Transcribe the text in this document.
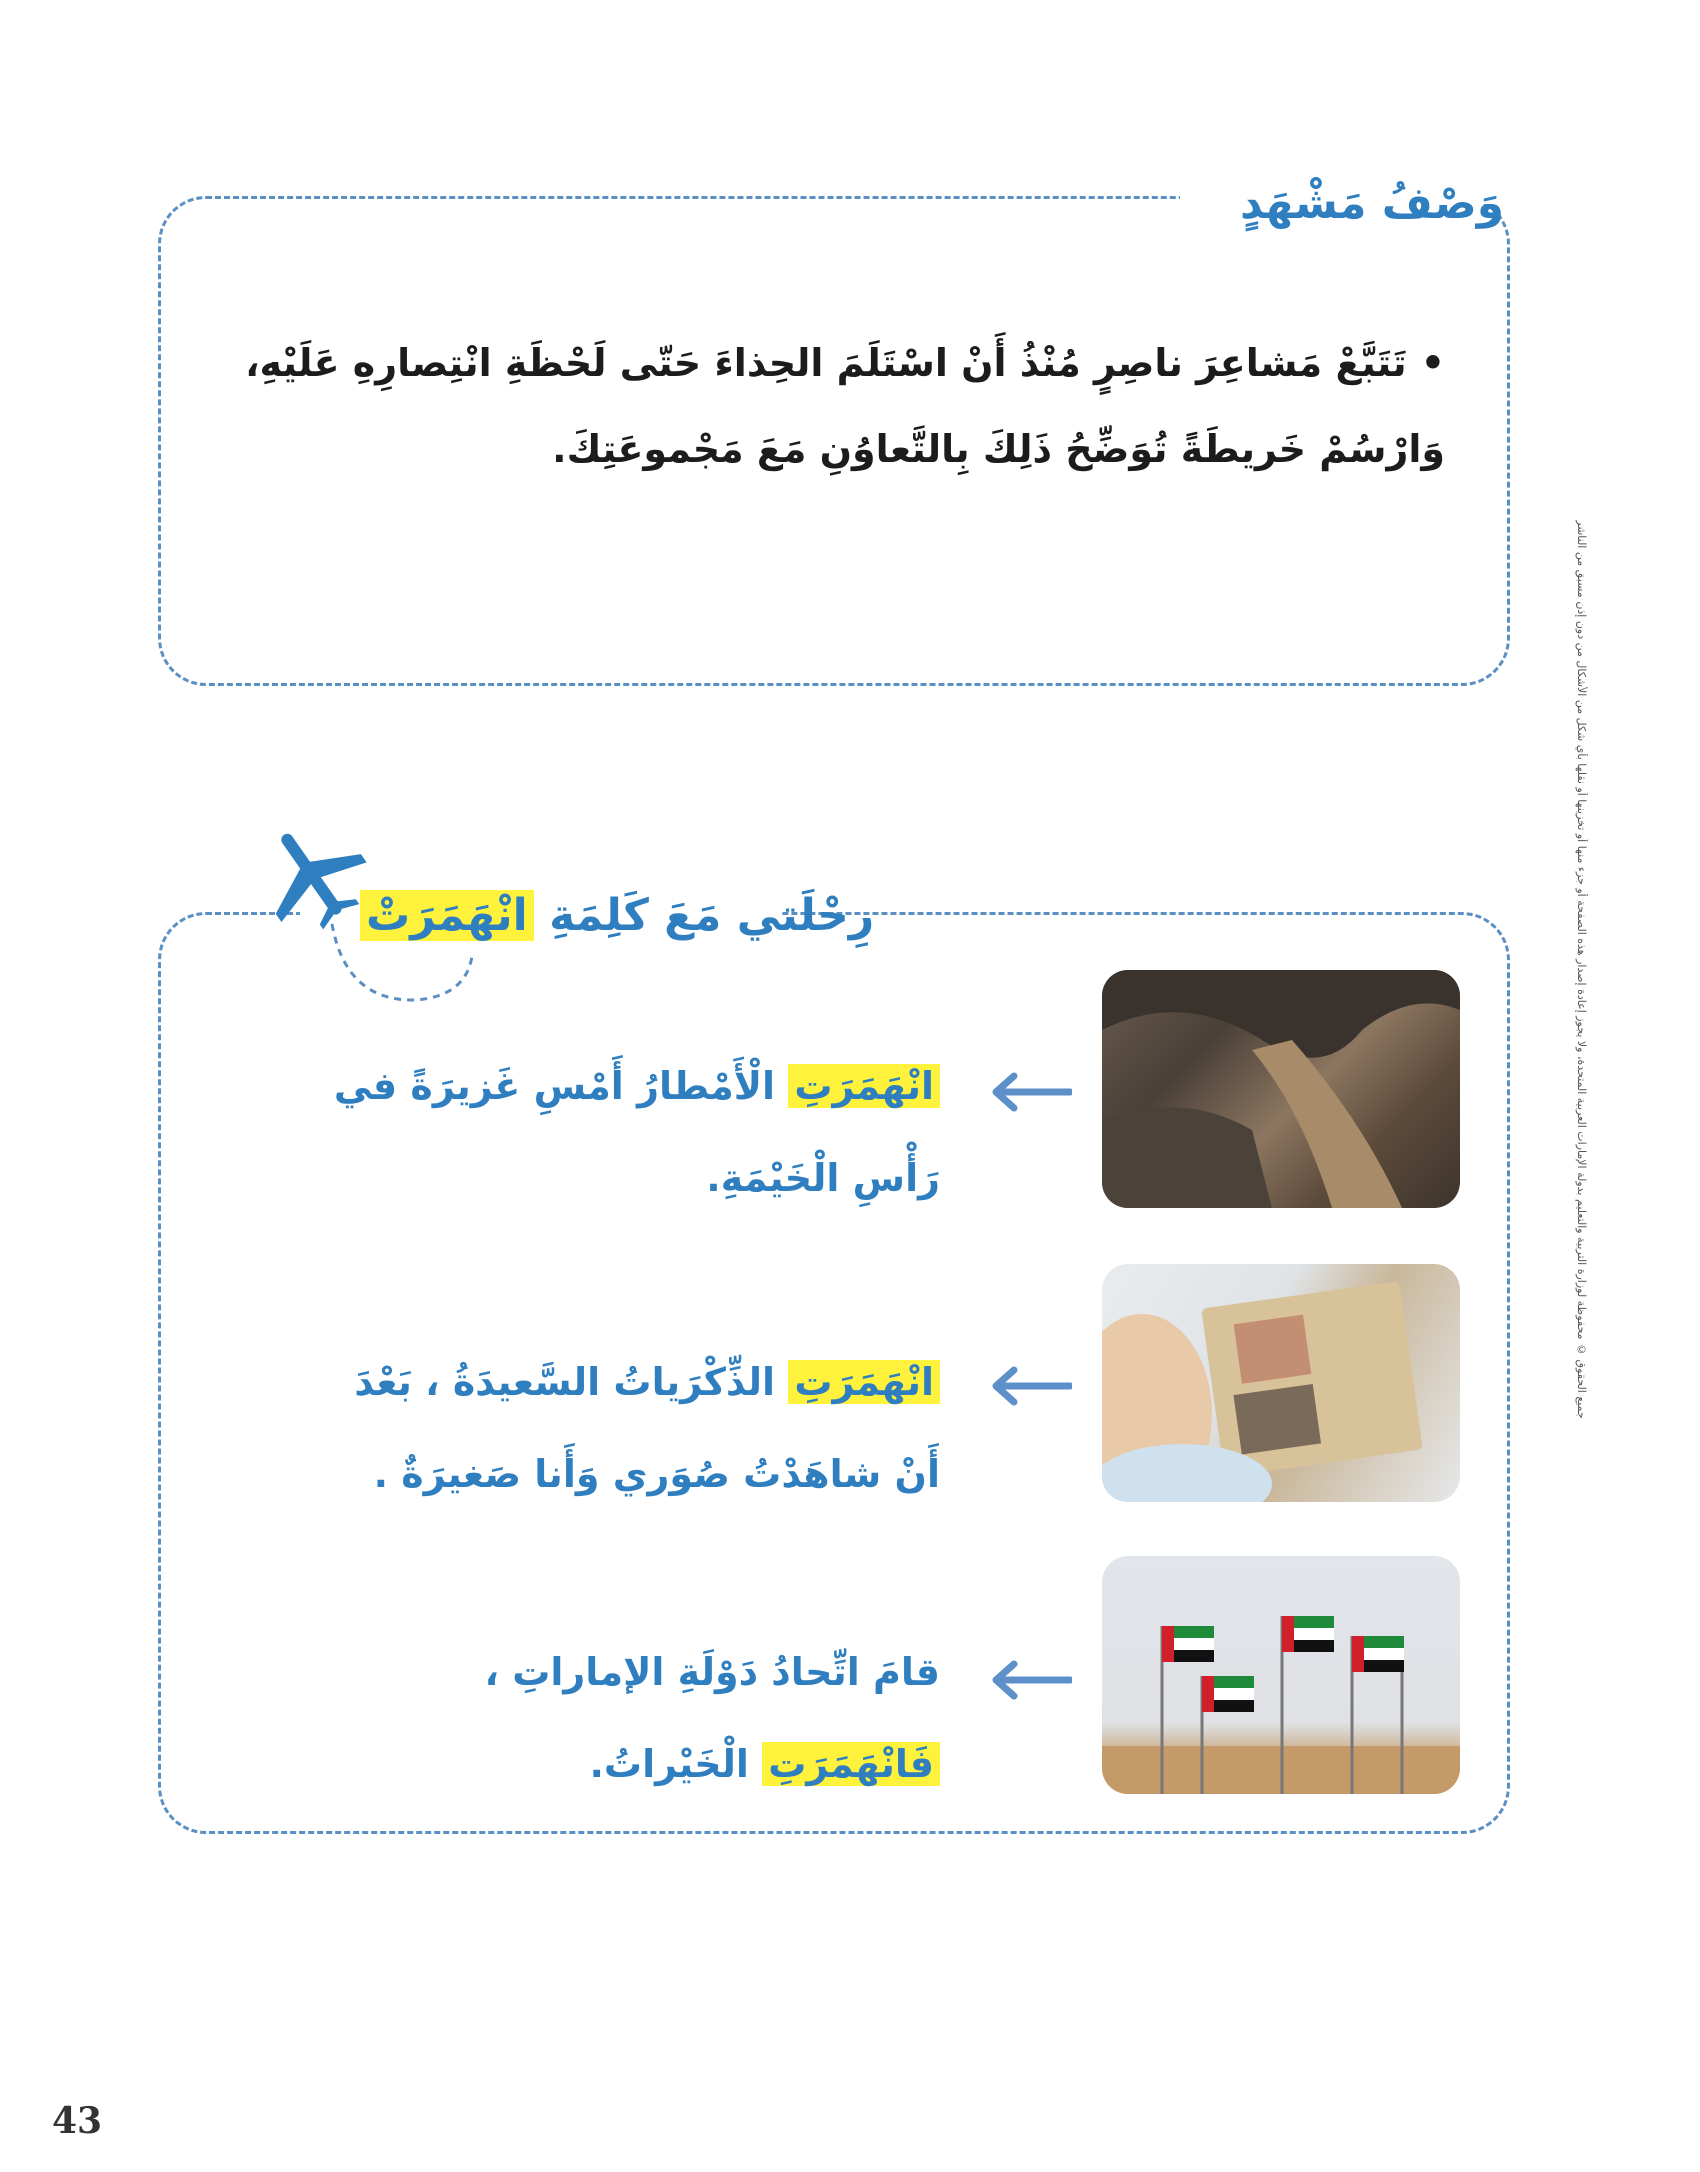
وَصْفُ مَشْهَدٍ
•تَتَبَّعْ مَشاعِرَ ناصِرٍ مُنْذُ أَنْ اسْتَلَمَ الحِذاءَ حَتّى لَحْظَةِ انْتِصارِهِ عَلَيْهِ، وَارْسُمْ خَريطَةً تُوَضِّحُ ذَلِكَ بِالتَّعاوُنِ مَعَ مَجْموعَتِكَ.
رِحْلَتي مَعَ كَلِمَةِ انْهَمَرَتْ
انْهَمَرَتِ الْأَمْطارُ أَمْسِ غَزيرَةً في رَأْسِ الْخَيْمَةِ.
انْهَمَرَتِ الذِّكْرَياتُ السَّعيدَةُ ، بَعْدَ أَنْ شاهَدْتُ صُوَري وَأَنا صَغيرَةٌ .
قامَ اتِّحادُ دَوْلَةِ الإماراتِ ، فَانْهَمَرَتِ الْخَيْراتُ.
جميع الحقوق © محفوظة لوزارة التربية والتعليم بدولة الإمارات العربية المتحدة، ولا يجوز إعادة إصدار هذه الصفحة أو جزء منها أو تخزينها أو نقلها بأي شكل من الأشكال من دون إذن مسبق من الناشر
43
